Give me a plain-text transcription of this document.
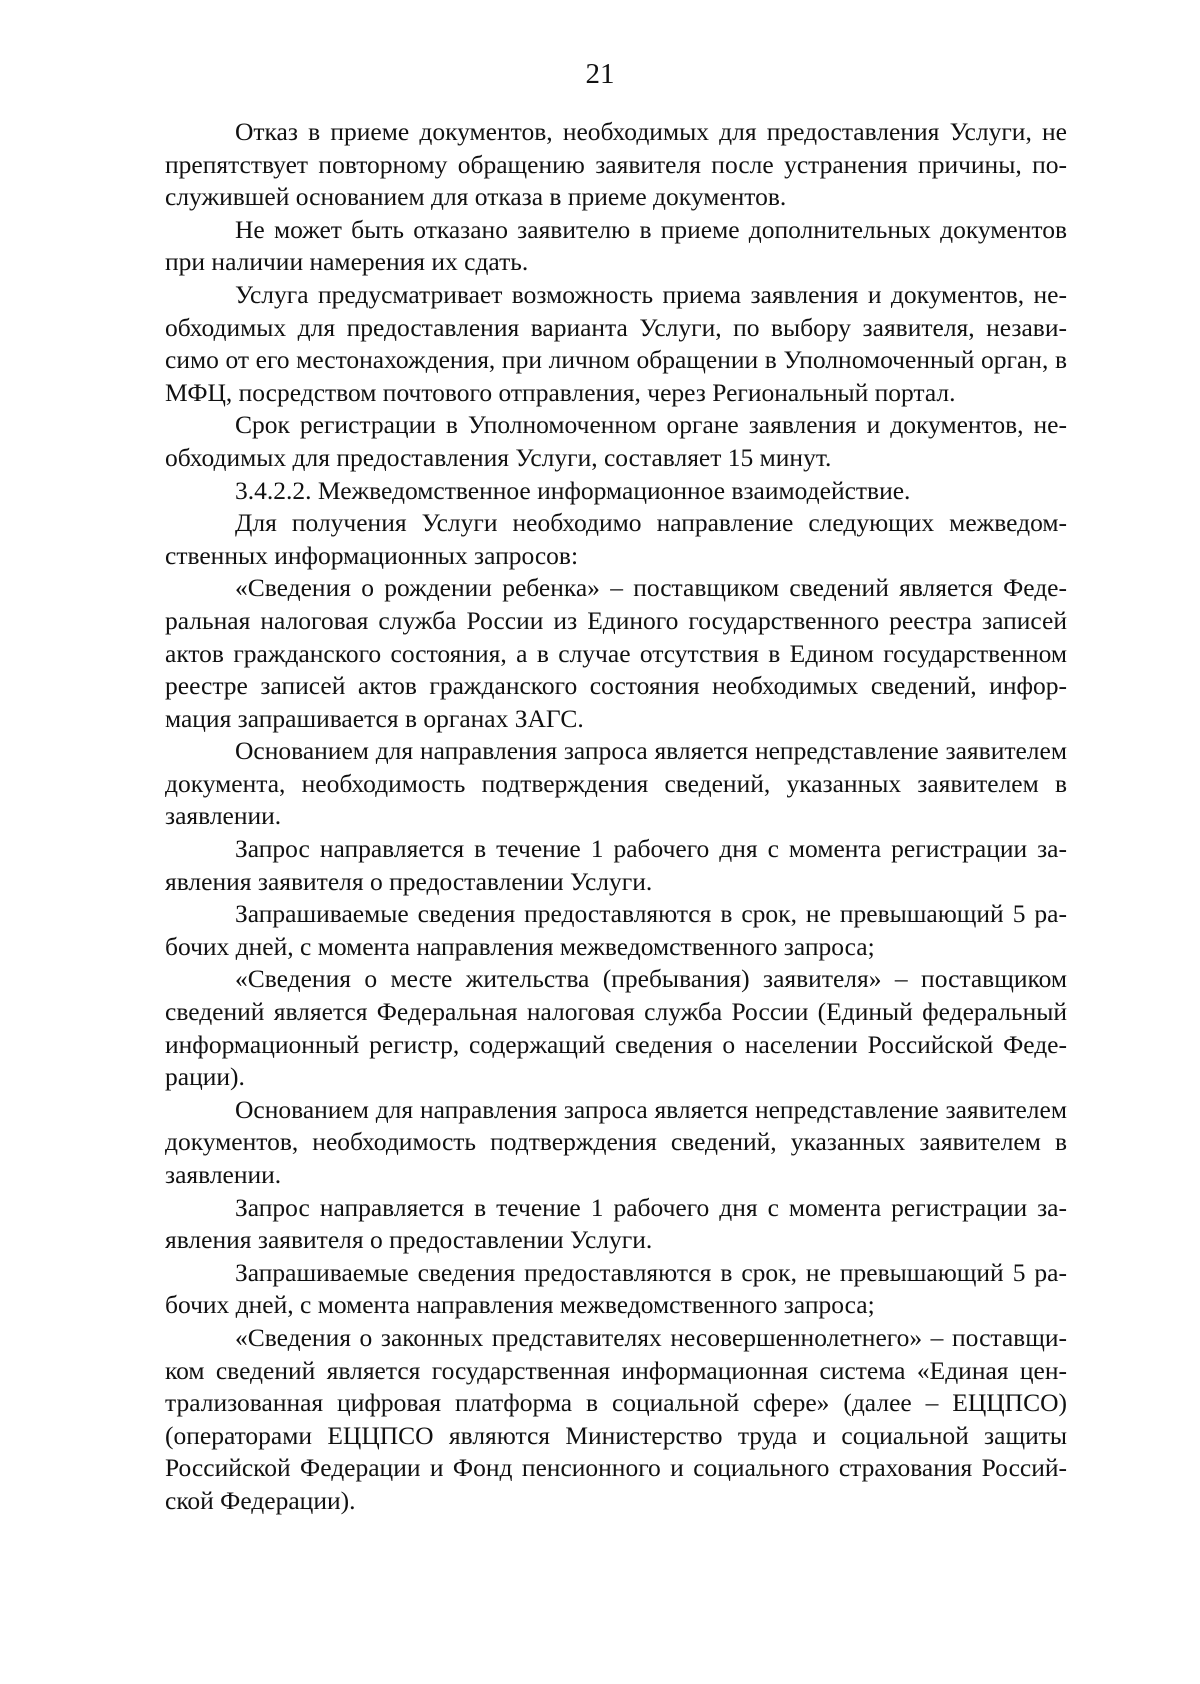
21

Отказ в приеме документов, необходимых для предоставления Услуги, не препятствует повторному обращению заявителя после устранения причины, послужившей основанием для отказа в приеме документов.

Не может быть отказано заявителю в приеме дополнительных документов при наличии намерения их сдать.

Услуга предусматривает возможность приема заявления и документов, необходимых для предоставления варианта Услуги, по выбору заявителя, независимо от его местонахождения, при личном обращении в Уполномоченный орган, в МФЦ, посредством почтового отправления, через Региональный портал.

Срок регистрации в Уполномоченном органе заявления и документов, необходимых для предоставления Услуги, составляет 15 минут.

3.4.2.2. Межведомственное информационное взаимодействие.

Для получения Услуги необходимо направление следующих межведомственных информационных запросов:

«Сведения о рождении ребенка» – поставщиком сведений является Федеральная налоговая служба России из Единого государственного реестра записей актов гражданского состояния, а в случае отсутствия в Едином государственном реестре записей актов гражданского состояния необходимых сведений, информация запрашивается в органах ЗАГС.

Основанием для направления запроса является непредставление заявителем документа, необходимость подтверждения сведений, указанных заявителем в заявлении.

Запрос направляется в течение 1 рабочего дня с момента регистрации заявления заявителя о предоставлении Услуги.

Запрашиваемые сведения предоставляются в срок, не превышающий 5 рабочих дней, с момента направления межведомственного запроса;

«Сведения о месте жительства (пребывания) заявителя» – поставщиком сведений является Федеральная налоговая служба России (Единый федеральный информационный регистр, содержащий сведения о населении Российской Федерации).

Основанием для направления запроса является непредставление заявителем документов, необходимость подтверждения сведений, указанных заявителем в заявлении.

Запрос направляется в течение 1 рабочего дня с момента регистрации заявления заявителя о предоставлении Услуги.

Запрашиваемые сведения предоставляются в срок, не превышающий 5 рабочих дней, с момента направления межведомственного запроса;

«Сведения о законных представителях несовершеннолетнего» – поставщиком сведений является государственная информационная система «Единая централизованная цифровая платформа в социальной сфере» (далее – ЕЦЦПСО) (операторами ЕЦЦПСО являются Министерство труда и социальной защиты Российской Федерации и Фонд пенсионного и социального страхования Российской Федерации).
